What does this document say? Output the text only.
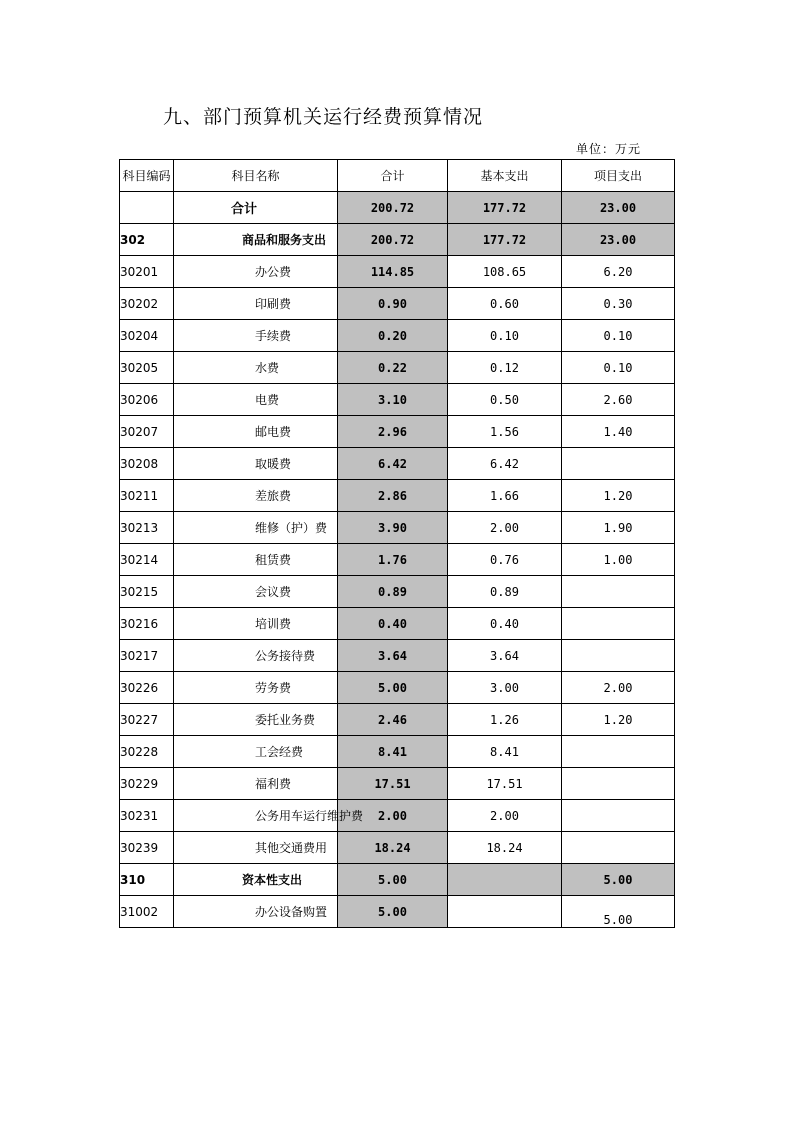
九、部门预算机关运行经费预算情况
单位：万元
科目编码	科目名称	合计	基本支出	项目支出
	合计	200.72	177.72	23.00
302	商品和服务支出	200.72	177.72	23.00
30201	办公费	114.85	108.65	6.20
30202	印刷费	0.90	0.60	0.30
30204	手续费	0.20	0.10	0.10
30205	水费	0.22	0.12	0.10
30206	电费	3.10	0.50	2.60
30207	邮电费	2.96	1.56	1.40
30208	取暖费	6.42	6.42	
30211	差旅费	2.86	1.66	1.20
30213	维修（护）费	3.90	2.00	1.90
30214	租赁费	1.76	0.76	1.00
30215	会议费	0.89	0.89	
30216	培训费	0.40	0.40	
30217	公务接待费	3.64	3.64	
30226	劳务费	5.00	3.00	2.00
30227	委托业务费	2.46	1.26	1.20
30228	工会经费	8.41	8.41	
30229	福利费	17.51	17.51	
30231	公务用车运行维护费	2.00	2.00	
30239	其他交通费用	18.24	18.24	
310	资本性支出	5.00		5.00
31002	办公设备购置	5.00		5.00
